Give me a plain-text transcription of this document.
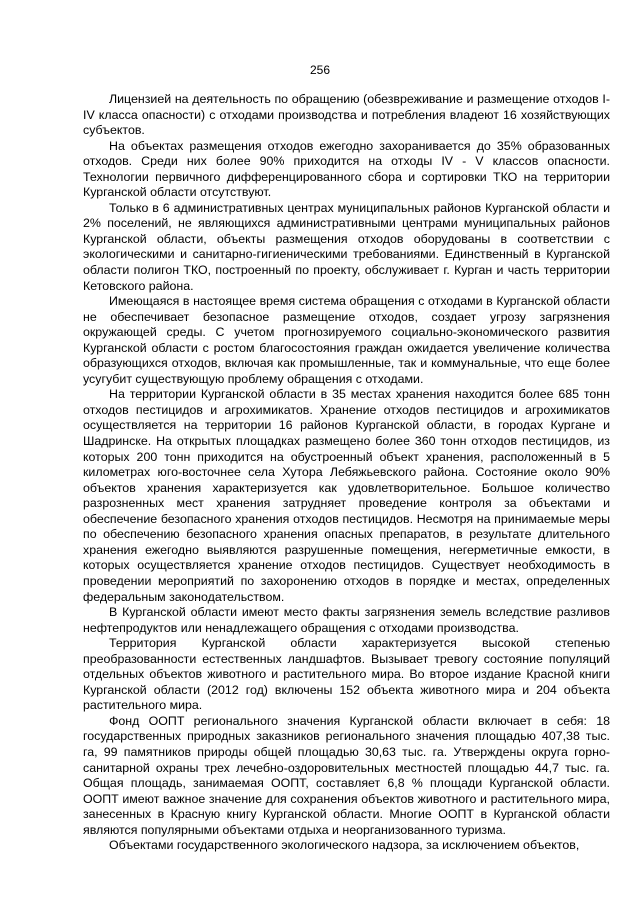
256

Лицензией на деятельность по обращению (обезвреживание и размещение отходов I-IV класса опасности) с отходами производства и потребления владеют 16 хозяйствующих субъектов.

На объектах размещения отходов ежегодно захоранивается до 35% образованных отходов. Среди них более 90% приходится на отходы IV - V классов опасности. Технологии первичного дифференцированного сбора и сортировки ТКО на территории Курганской области отсутствуют.

Только в 6 административных центрах муниципальных районов Курганской области и 2% поселений, не являющихся административными центрами муниципальных районов Курганской области, объекты размещения отходов оборудованы в соответствии с экологическими и санитарно-гигиеническими требованиями. Единственный в Курганской области полигон ТКО, построенный по проекту, обслуживает г. Курган и часть территории Кетовского района.

Имеющаяся в настоящее время система обращения с отходами в Курганской области не обеспечивает безопасное размещение отходов, создает угрозу загрязнения окружающей среды. С учетом прогнозируемого социально-экономического развития Курганской области с ростом благосостояния граждан ожидается увеличение количества образующихся отходов, включая как промышленные, так и коммунальные, что еще более усугубит существующую проблему обращения с отходами.

На территории Курганской области в 35 местах хранения находится более 685 тонн отходов пестицидов и агрохимикатов. Хранение отходов пестицидов и агрохимикатов осуществляется на территории 16 районов Курганской области, в городах Кургане и Шадринске. На открытых площадках размещено более 360 тонн отходов пестицидов, из которых 200 тонн приходится на обустроенный объект хранения, расположенный в 5 километрах юго-восточнее села Хутора Лебяжьевского района. Состояние около 90% объектов хранения характеризуется как удовлетворительное. Большое количество разрозненных мест хранения затрудняет проведение контроля за объектами и обеспечение безопасного хранения отходов пестицидов. Несмотря на принимаемые меры по обеспечению безопасного хранения опасных препаратов, в результате длительного хранения ежегодно выявляются разрушенные помещения, негерметичные емкости, в которых осуществляется хранение отходов пестицидов. Существует необходимость в проведении мероприятий по захоронению отходов в порядке и местах, определенных федеральным законодательством.

В Курганской области имеют место факты загрязнения земель вследствие разливов нефтепродуктов или ненадлежащего обращения с отходами производства.

Территория Курганской области характеризуется высокой степенью преобразованности естественных ландшафтов. Вызывает тревогу состояние популяций отдельных объектов животного и растительного мира. Во второе издание Красной книги Курганской области (2012 год) включены 152 объекта животного мира и 204 объекта растительного мира.

Фонд ООПТ регионального значения Курганской области включает в себя: 18 государственных природных заказников регионального значения площадью 407,38 тыс. га, 99 памятников природы общей площадью 30,63 тыс. га. Утверждены округа горно-санитарной охраны трех лечебно-оздоровительных местностей площадью 44,7 тыс. га. Общая площадь, занимаемая ООПТ, составляет 6,8 % площади Курганской области. ООПТ имеют важное значение для сохранения объектов животного и растительного мира, занесенных в Красную книгу Курганской области. Многие ООПТ в Курганской области являются популярными объектами отдыха и неорганизованного туризма.

Объектами государственного экологического надзора, за исключением объектов,
